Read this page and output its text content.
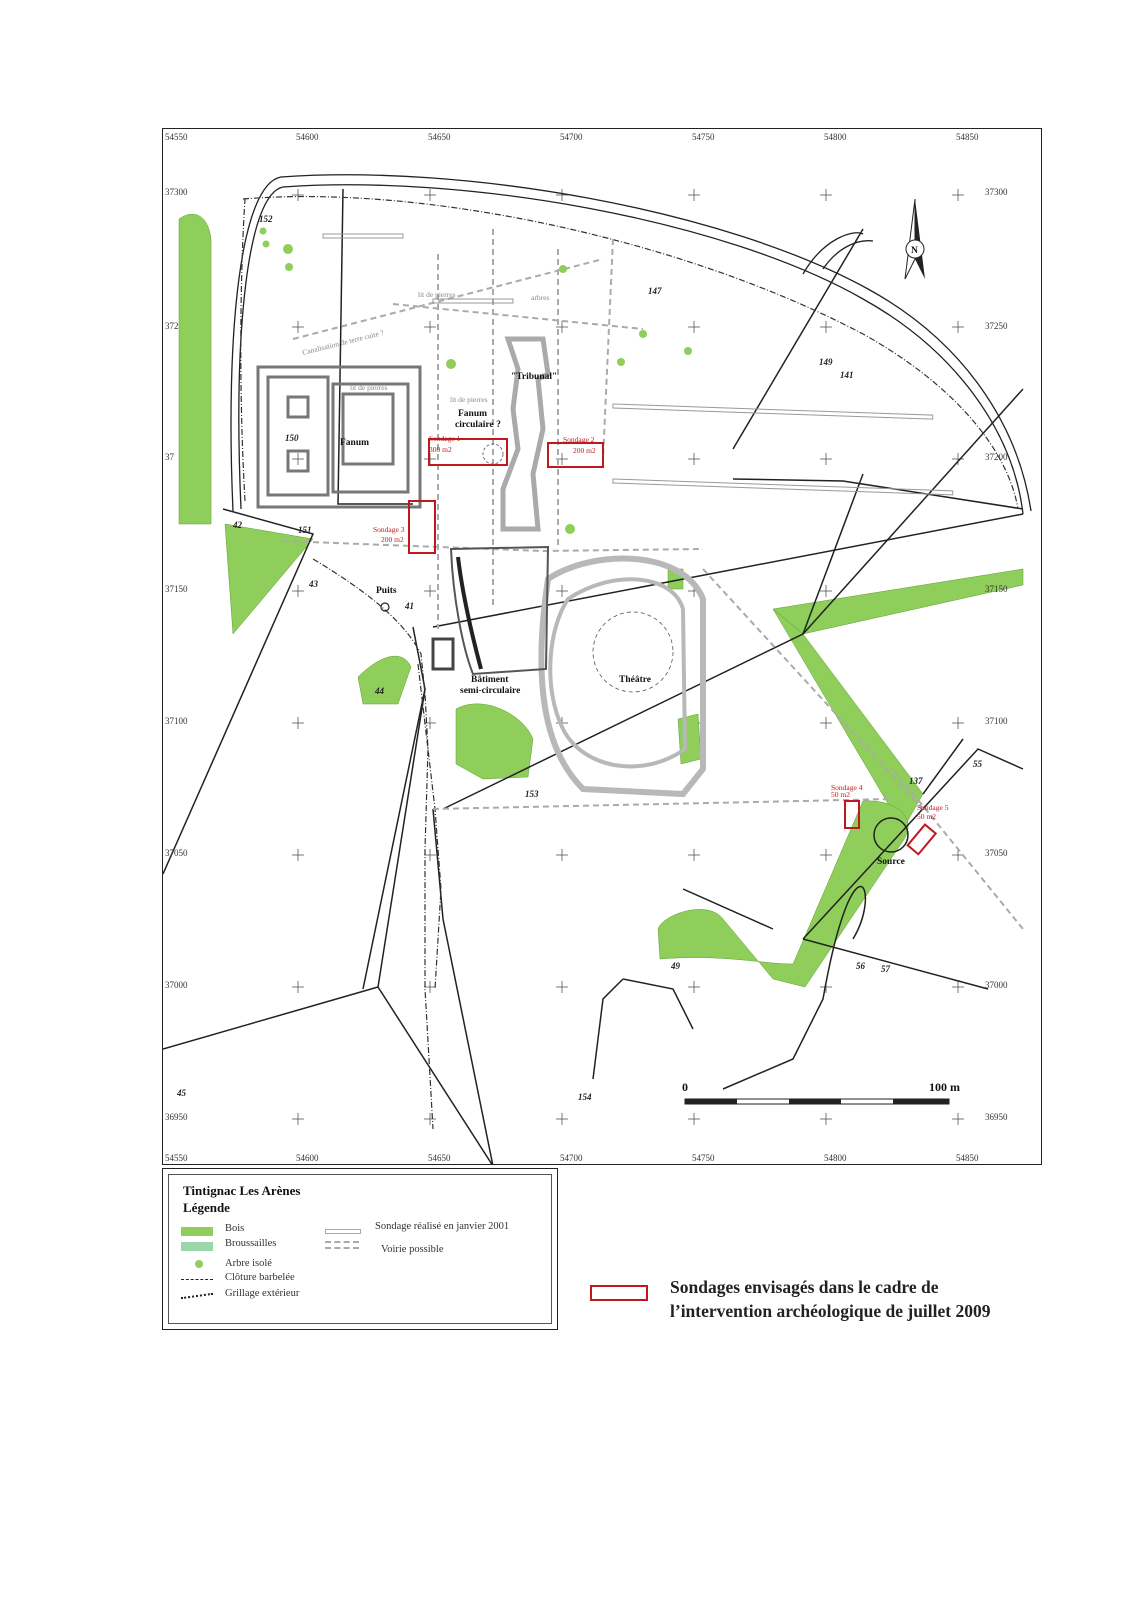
N
0	100 m
54550	54600	54650	54700	54750	54800	54850
54550	54600	54650	54700	54750	54800	54850
37300
372
37
37150
37100
37050
37000
36950
37300
37250
37200
37150
37100
37050
37000
36950
Fanum
Fanum
circulaire ?
"Tribunal"
Puits
Bâtiment
semi-circulaire
Théâtre
Source
Canalisation de terre cuite ?
lit de pierres
lit de pierres
lit de pierres
arbres
152
150
147
149
141
151
42
43
41
44
153
137
55
56 57
49
154
45
Sondage 1
300 m2
Sondage 2
200 m2
Sondage 3
200 m2
Sondage 4
50 m2
Sondage 5
50 m2
Tintignac Les Arènes
Légende
Bois
Broussailles
Arbre isolé
Clôture barbelée
Grillage extérieur
Sondage réalisé en janvier 2001
Voirie possible
Sondages envisagés dans le cadre de
l’intervention archéologique de juillet 2009
